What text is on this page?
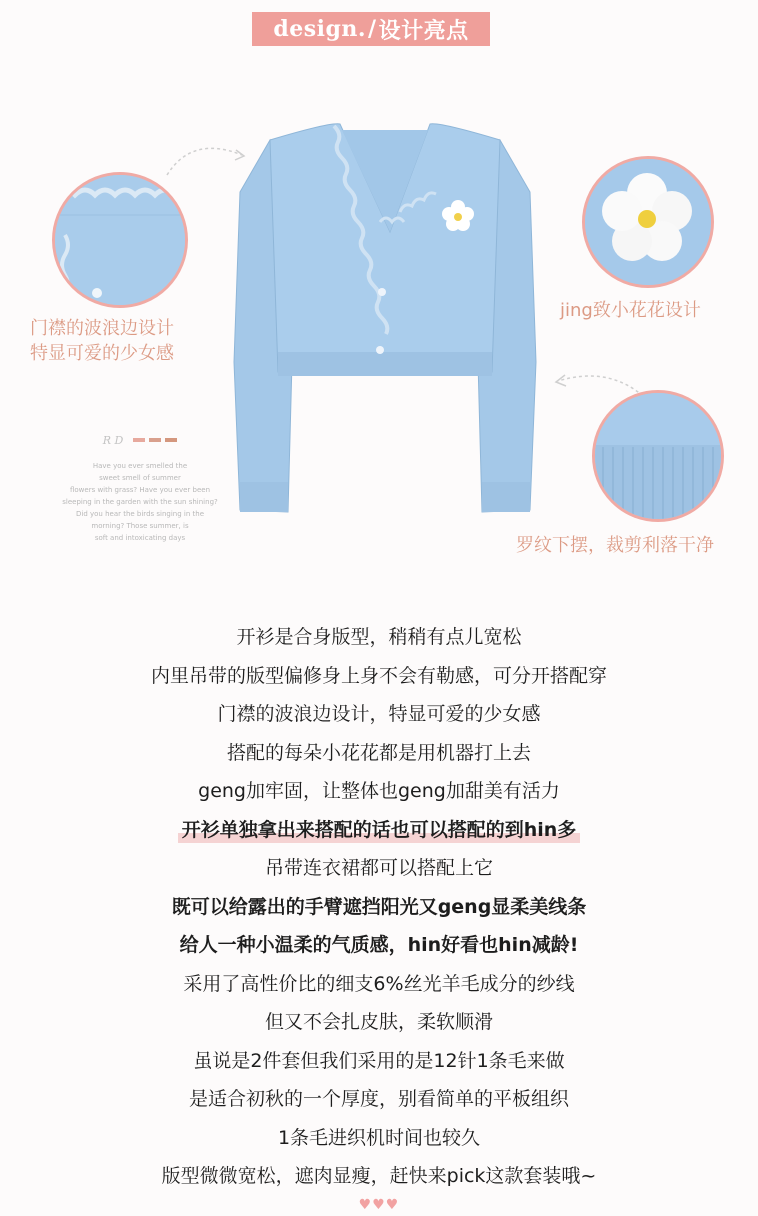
design. / 设计亮点
门襟的波浪边设计
特显可爱的少女感
jing致小花花设计
罗纹下摆，裁剪利落干净
R D
Have you ever smelled the
sweet smell of summer
flowers with grass? Have you ever been
sleeping in the garden with the sun shining?
Did you hear the birds singing in the
morning? Those summer, is
soft and intoxicating days
开衫是合身版型，稍稍有点儿宽松
内里吊带的版型偏修身上身不会有勒感，可分开搭配穿
门襟的波浪边设计，特显可爱的少女感
搭配的每朵小花花都是用机器打上去
geng加牢固，让整体也geng加甜美有活力
开衫单独拿出来搭配的话也可以搭配的到hin多
吊带连衣裙都可以搭配上它
既可以给露出的手臂遮挡阳光又geng显柔美线条
给人一种小温柔的气质感，hin好看也hin减龄!
采用了高性价比的细支6%丝光羊毛成分的纱线
但又不会扎皮肤，柔软顺滑
虽说是2件套但我们采用的是12针1条毛来做
是适合初秋的一个厚度，别看简单的平板组织
1条毛进织机时间也较久
版型微微宽松，遮肉显瘦，赶快来pick这款套装哦~
♥♥♥
